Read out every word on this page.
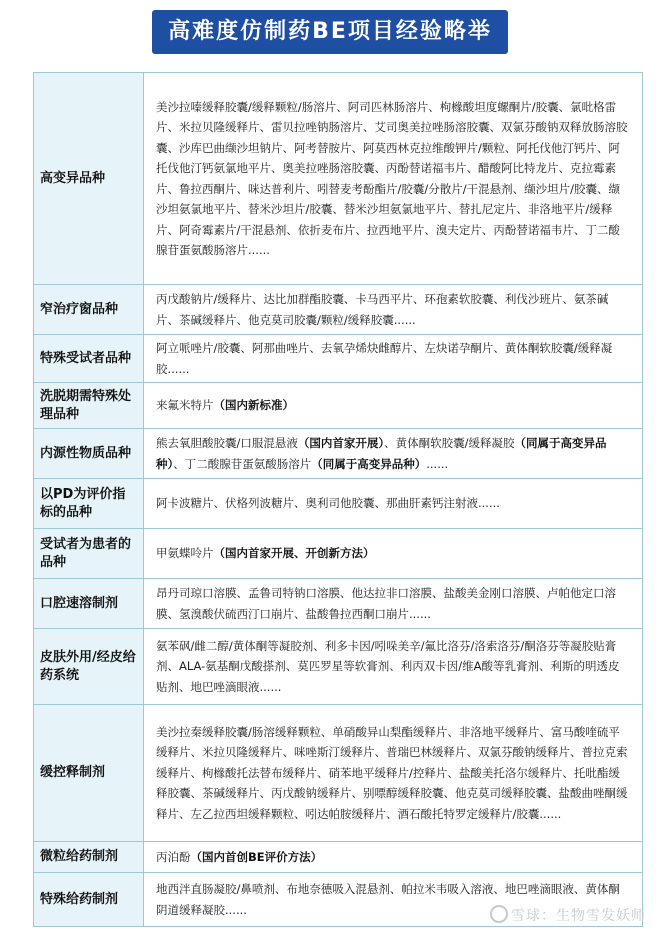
高难度仿制药BE项目经验略举
高变异品种
美沙拉嗪缓释胶囊/缓释颗粒/肠溶片、阿司匹林肠溶片、枸橼酸坦度螺酮片/胶囊、氯吡格雷片、米拉贝隆缓释片、雷贝拉唑钠肠溶片、艾司奥美拉唑肠溶胶囊、双氯芬酸钠双释放肠溶胶囊、沙库巴曲缬沙坦钠片、阿考替胺片、阿莫西林克拉维酸钾片/颗粒、阿托伐他汀钙片、阿托伐他汀钙氨氯地平片、奥美拉唑肠溶胶囊、丙酚替诺福韦片、醋酸阿比特龙片、克拉霉素片、鲁拉西酮片、咪达普利片、吲替麦考酚酯片/胶囊/分散片/干混悬剂、缬沙坦片/胶囊、缬沙坦氨氯地平片、替米沙坦片/胶囊、替米沙坦氨氯地平片、替扎尼定片、非洛地平片/缓释片、阿奇霉素片/干混悬剂、依折麦布片、拉西地平片、溴夫定片、丙酚替诺福韦片、丁二酸腺苷蛋氨酸肠溶片......
窄治疗窗品种
丙戊酸钠片/缓释片、达比加群酯胶囊、卡马西平片、环孢素软胶囊、利伐沙班片、氨茶碱片、茶碱缓释片、他克莫司胶囊/颗粒/缓释胶囊......
特殊受试者品种
阿立哌唑片/胶囊、阿那曲唑片、去氧孕烯炔雌醇片、左炔诺孕酮片、黄体酮软胶囊/缓释凝胶......
洗脱期需特殊处理品种
来氟米特片（国内新标准）
内源性物质品种
熊去氧胆酸胶囊/口服混悬液（国内首家开展）、黄体酮软胶囊/缓释凝胶（同属于高变异品种）、丁二酸腺苷蛋氨酸肠溶片（同属于高变异品种）......
以PD为评价指标的品种
阿卡波糖片、伏格列波糖片、奥利司他胶囊、那曲肝素钙注射液......
受试者为患者的品种
甲氨蝶呤片（国内首家开展、开创新方法）
口腔速溶制剂
昂丹司琼口溶膜、孟鲁司特钠口溶膜、他达拉非口溶膜、盐酸美金刚口溶膜、卢帕他定口溶膜、氢溴酸伏硫西汀口崩片、盐酸鲁拉西酮口崩片......
皮肤外用/经皮给药系统
氨苯砜/雌二醇/黄体酮等凝胶剂、利多卡因/吲哚美辛/氟比洛芬/洛索洛芬/酮洛芬等凝胶贴膏剂、ALA-氨基酮戊酸搽剂、莫匹罗星等软膏剂、利丙双卡因/维A酸等乳膏剂、利斯的明透皮贴剂、地巴唑滴眼液......
缓控释制剂
美沙拉秦缓释胶囊/肠溶缓释颗粒、单硝酸异山梨酯缓释片、非洛地平缓释片、富马酸喹硫平缓释片、米拉贝隆缓释片、咪唑斯汀缓释片、普瑞巴林缓释片、双氯芬酸钠缓释片、普拉克索缓释片、枸橼酸托法替布缓释片、硝苯地平缓释片/控释片、盐酸美托洛尔缓释片、托吡酯缓释胶囊、茶碱缓释片、丙戊酸钠缓释片、别嘌醇缓释胶囊、他克莫司缓释胶囊、盐酸曲唑酮缓释片、左乙拉西坦缓释颗粒、吲达帕胺缓释片、酒石酸托特罗定缓释片/胶囊......
微粒给药制剂	丙泊酚（国内首创BE评价方法）
特殊给药制剂
地西泮直肠凝胶/鼻喷剂、布地奈德吸入混悬剂、帕拉米韦吸入溶液、地巴唑滴眼液、黄体酮阴道缓释凝胶......	雪球：生物雪发妖师
